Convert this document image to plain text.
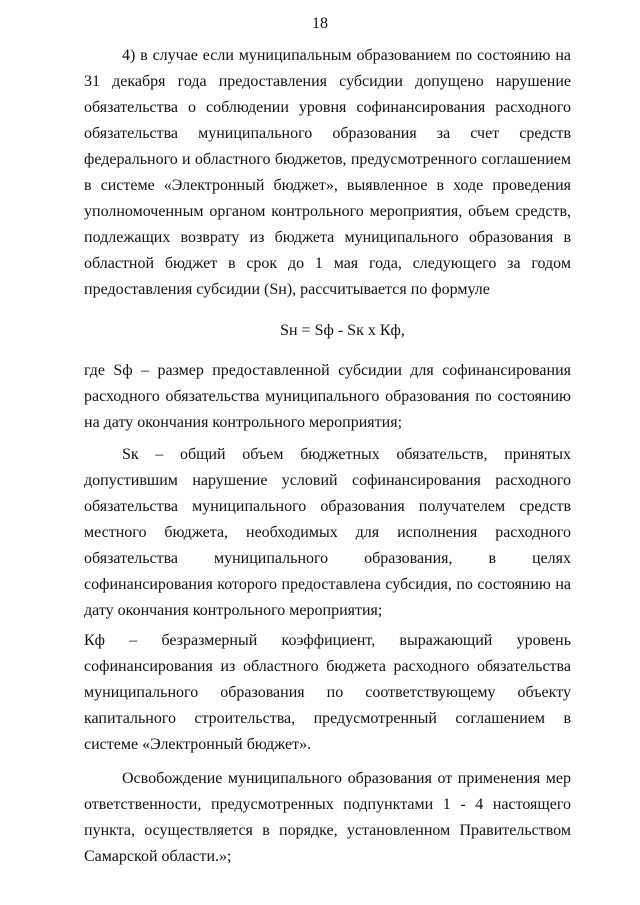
18

4) в случае если муниципальным образованием по состоянию на 31 декабря года предоставления субсидии допущено нарушение обязательства о соблюдении уровня софинансирования расходного обязательства муниципального образования за счет средств федерального и областного бюджетов, предусмотренного соглашением в системе «Электронный бюджет», выявленное в ходе проведения уполномоченным органом контрольного мероприятия, объем средств, подлежащих возврату из бюджета муниципального образования в областной бюджет в срок до 1 мая года, следующего за годом предоставления субсидии (Sн), рассчитывается по формуле

Sн = Sф - Sк х Кф,

где Sф – размер предоставленной субсидии для софинансирования расходного обязательства муниципального образования по состоянию на дату окончания контрольного мероприятия;

Sк – общий объем бюджетных обязательств, принятых допустившим нарушение условий софинансирования расходного обязательства муниципального образования получателем средств местного бюджета, необходимых для исполнения расходного обязательства муниципального образования, в целях софинансирования которого предоставлена субсидия, по состоянию на дату окончания контрольного мероприятия;

Кф – безразмерный коэффициент, выражающий уровень софинансирования из областного бюджета расходного обязательства муниципального образования по соответствующему объекту капитального строительства, предусмотренный соглашением в системе «Электронный бюджет».

Освобождение муниципального образования от применения мер ответственности, предусмотренных подпунктами 1 - 4 настоящего пункта, осуществляется в порядке, установленном Правительством Самарской области.»;
